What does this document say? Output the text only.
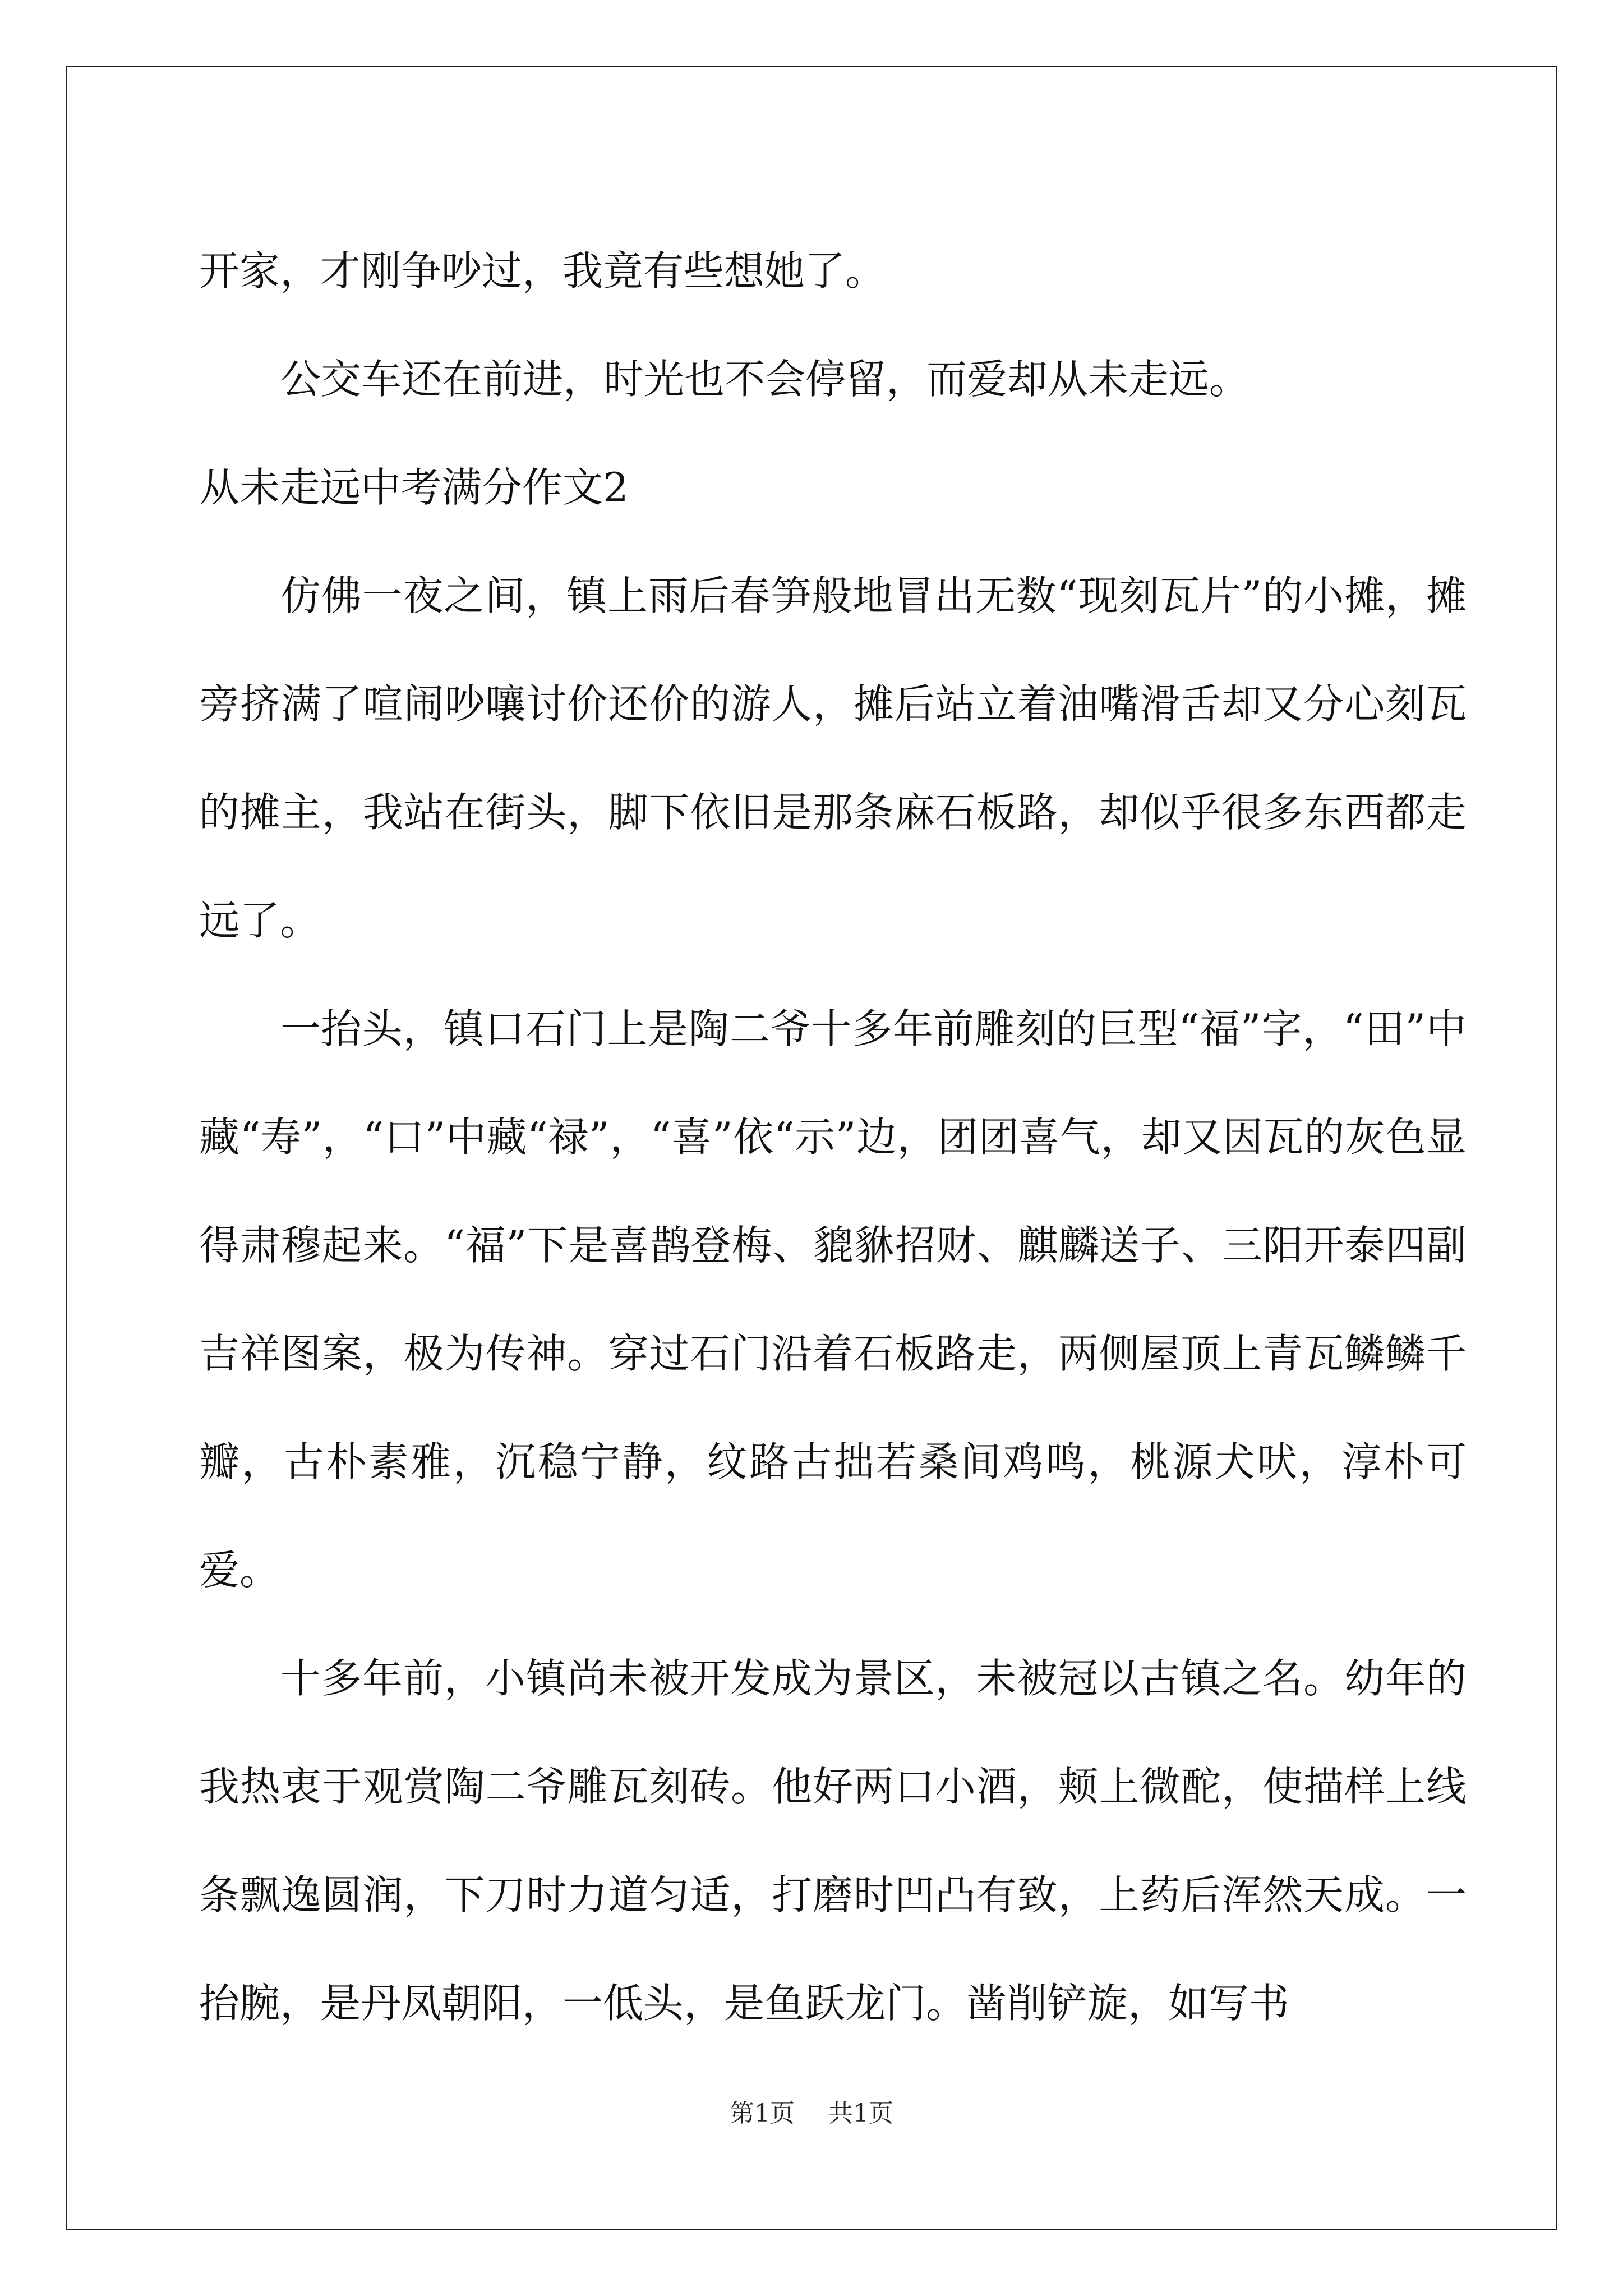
开家，才刚争吵过，我竟有些想她了。

公交车还在前进，时光也不会停留，而爱却从未走远。

从未走远中考满分作文2

仿佛一夜之间，镇上雨后春笋般地冒出无数“现刻瓦片”的小摊，摊旁挤满了喧闹吵嚷讨价还价的游人，摊后站立着油嘴滑舌却又分心刻瓦的摊主，我站在街头，脚下依旧是那条麻石板路，却似乎很多东西都走远了。

一抬头，镇口石门上是陶二爷十多年前雕刻的巨型“福”字，“田”中藏“寿”，“口”中藏“禄”，“喜”依“示”边，团团喜气，却又因瓦的灰色显得肃穆起来。“福”下是喜鹊登梅、貔貅招财、麒麟送子、三阳开泰四副吉祥图案，极为传神。穿过石门沿着石板路走，两侧屋顶上青瓦鳞鳞千瓣，古朴素雅，沉稳宁静，纹路古拙若桑间鸡鸣，桃源犬吠，淳朴可爱。

十多年前，小镇尚未被开发成为景区，未被冠以古镇之名。幼年的我热衷于观赏陶二爷雕瓦刻砖。他好两口小酒，颊上微酡，使描样上线条飘逸圆润，下刀时力道匀适，打磨时凹凸有致，上药后浑然天成。一抬腕，是丹凤朝阳，一低头，是鱼跃龙门。凿削铲旋，如写书

第1页 共1页
